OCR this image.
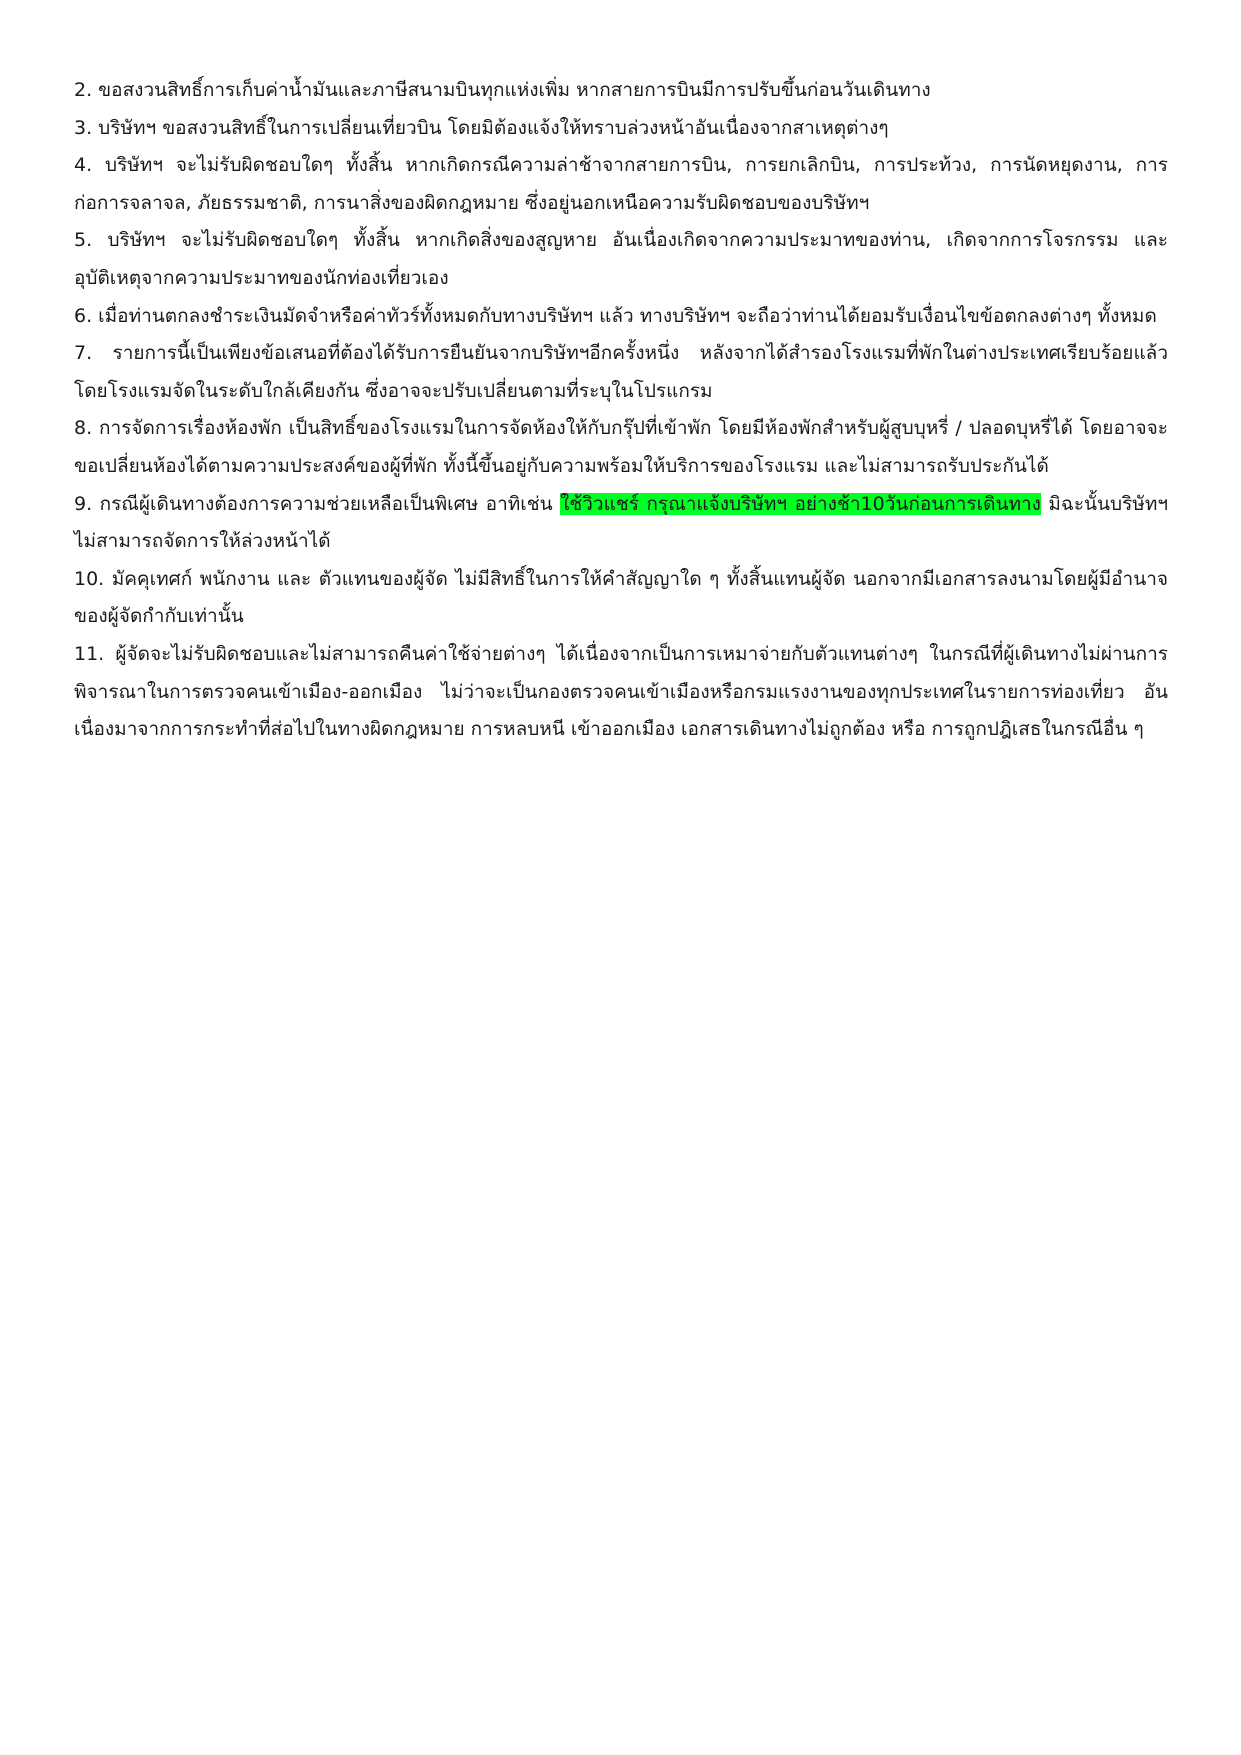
2. ขอสงวนสิทธิ์การเก็บค่าน้ำมันและภาษีสนามบินทุกแห่งเพิ่ม หากสายการบินมีการปรับขึ้นก่อนวันเดินทาง

3. บริษัทฯ ขอสงวนสิทธิ์ในการเปลี่ยนเที่ยวบิน โดยมิต้องแจ้งให้ทราบล่วงหน้าอันเนื่องจากสาเหตุต่างๆ

4. บริษัทฯ จะไม่รับผิดชอบใดๆ ทั้งสิ้น หากเกิดกรณีความล่าช้าจากสายการบิน, การยกเลิกบิน, การประท้วง, การนัดหยุดงาน, การก่อการจลาจล, ภัยธรรมชาติ, การนาสิ่งของผิดกฎหมาย ซึ่งอยู่นอกเหนือความรับผิดชอบของบริษัทฯ

5. บริษัทฯ จะไม่รับผิดชอบใดๆ ทั้งสิ้น หากเกิดสิ่งของสูญหาย อันเนื่องเกิดจากความประมาทของท่าน, เกิดจากการโจรกรรม และอุบัติเหตุจากความประมาทของนักท่องเที่ยวเอง

6. เมื่อท่านตกลงชำระเงินมัดจำหรือค่าทัวร์ทั้งหมดกับทางบริษัทฯ แล้ว ทางบริษัทฯ จะถือว่าท่านได้ยอมรับเงื่อนไขข้อตกลงต่างๆ ทั้งหมด

7. รายการนี้เป็นเพียงข้อเสนอที่ต้องได้รับการยืนยันจากบริษัทฯอีกครั้งหนึ่ง หลังจากได้สำรองโรงแรมที่พักในต่างประเทศเรียบร้อยแล้ว โดยโรงแรมจัดในระดับใกล้เคียงกัน ซึ่งอาจจะปรับเปลี่ยนตามที่ระบุในโปรแกรม

8. การจัดการเรื่องห้องพัก เป็นสิทธิ์ของโรงแรมในการจัดห้องให้กับกรุ๊ปที่เข้าพัก โดยมีห้องพักสำหรับผู้สูบบุหรี่ / ปลอดบุหรี่ได้ โดยอาจจะขอเปลี่ยนห้องได้ตามความประสงค์ของผู้ที่พัก ทั้งนี้ขึ้นอยู่กับความพร้อมให้บริการของโรงแรม และไม่สามารถรับประกันได้

9. กรณีผู้เดินทางต้องการความช่วยเหลือเป็นพิเศษ อาทิเช่น ใช้วิวแชร์ กรุณาแจ้งบริษัทฯ อย่างช้า10วันก่อนการเดินทาง มิฉะนั้นบริษัทฯไม่สามารถจัดการให้ล่วงหน้าได้

10. มัคคุเทศก์ พนักงาน และ ตัวแทนของผู้จัด ไม่มีสิทธิ์ในการให้คำสัญญาใด ๆ ทั้งสิ้นแทนผู้จัด นอกจากมีเอกสารลงนามโดยผู้มีอำนาจของผู้จัดกำกับเท่านั้น

11. ผู้จัดจะไม่รับผิดชอบและไม่สามารถคืนค่าใช้จ่ายต่างๆ ได้เนื่องจากเป็นการเหมาจ่ายกับตัวแทนต่างๆ ในกรณีที่ผู้เดินทางไม่ผ่านการพิจารณาในการตรวจคนเข้าเมือง-ออกเมือง ไม่ว่าจะเป็นกองตรวจคนเข้าเมืองหรือกรมแรงงานของทุกประเทศในรายการท่องเที่ยว อันเนื่องมาจากการกระทำที่ส่อไปในทางผิดกฎหมาย การหลบหนี เข้าออกเมือง เอกสารเดินทางไม่ถูกต้อง หรือ การถูกปฎิเสธในกรณีอื่น ๆ
